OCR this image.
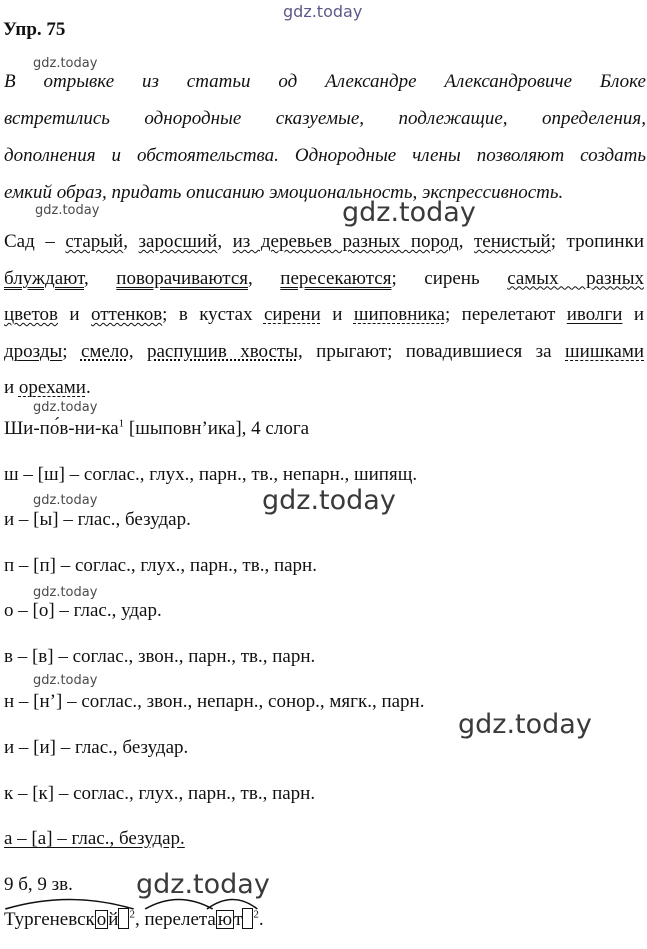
gdz.today
gdz.today
gdz.today	gdz.today
gdz.today
gdz.today	gdz.today
gdz.today
gdz.today
gdz.today
gdz.today
Упр. 75
В отрывке из статьи од Александре Александровиче Блоке
встретились однородные сказуемые, подлежащие, определения,
дополнения и обстоятельства. Однородные члены позволяют создать
емкий образ, придать описанию эмоциональность, экспрессивность.
Сад – старый, заросший, из деревьев разных пород, тенистый; тропинки
блуждают, поворачиваются, пересекаются; сирень самых разных
цветов и оттенков; в кустах сирени и шиповника; перелетают иволги и
дрозды; смело, распушив хвосты, прыгают; повадившиеся за шишками
и орехами.
$Ши-по́в-ни-ка^1$ [шыповн’ика], 4 слога
ш – [ш] – соглас., глух., парн., тв., непарн., шипящ.
и – [ы] – глас., безудар.
п – [п] – соглас., глух., парн., тв., парн.
о – [о] – глас., удар.
в – [в] – соглас., звон., парн., тв., парн.
н – [н’] – соглас., звон., непарн., сонор., мягк., парн.
и – [и] – глас., безудар.
к – [к] – соглас., глух., парн., тв., парн.
а – [а] – глас., безудар.
9 б, 9 зв.
Тургеневск о й $^2$,
перелета ю т $^2$.
